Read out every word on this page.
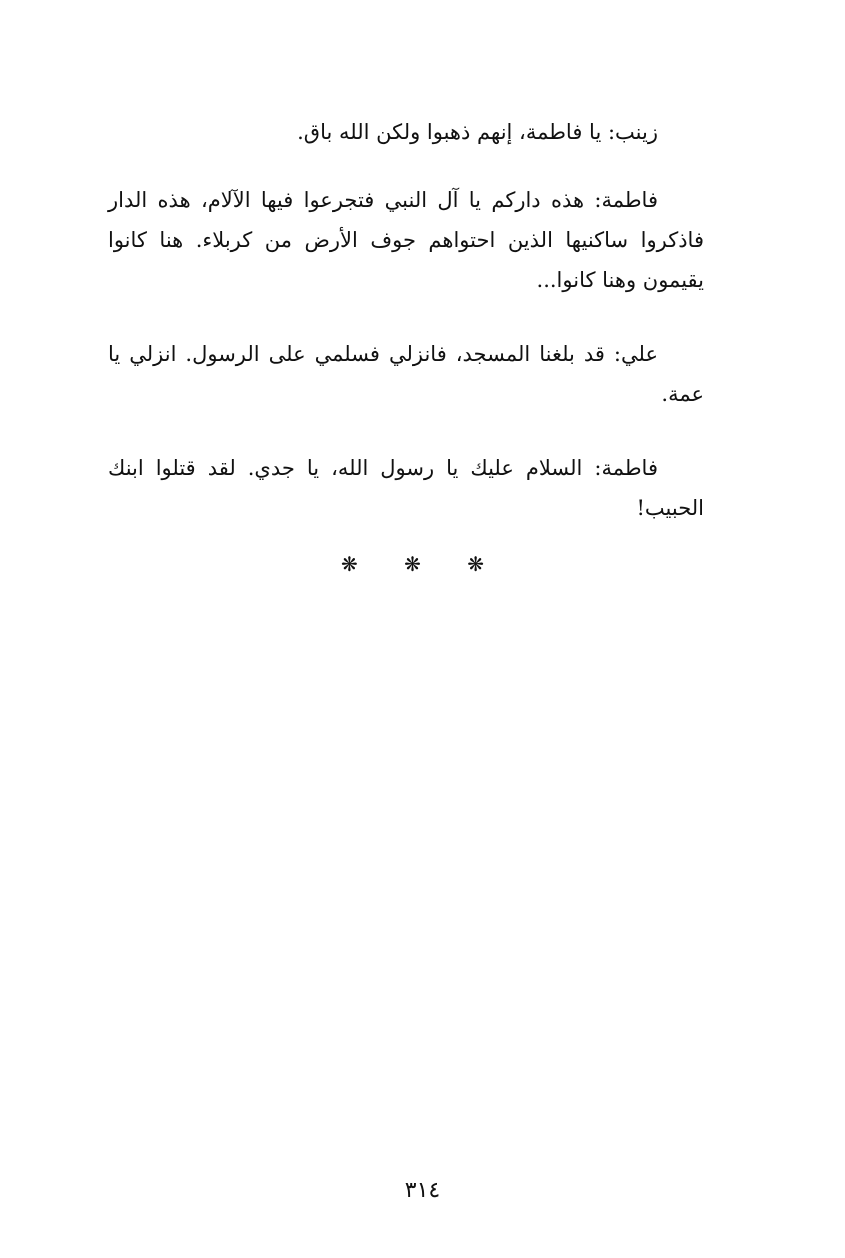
زينب: يا فاطمة، إنهم ذهبوا ولكن الله باق.

فاطمة: هذه داركم يا آل النبي فتجرعوا فيها الآلام، هذه الدار فاذكروا ساكنيها الذين احتواهم جوف الأرض من كربلاء. هنا كانوا يقيمون وهنا كانوا...

علي: قد بلغنا المسجد، فانزلي فسلمي على الرسول. انزلي يا عمة.

فاطمة: السلام عليك يا رسول الله، يا جدي. لقد قتلوا ابنك الحبيب!

❋ ❋ ❋
٣١٤
